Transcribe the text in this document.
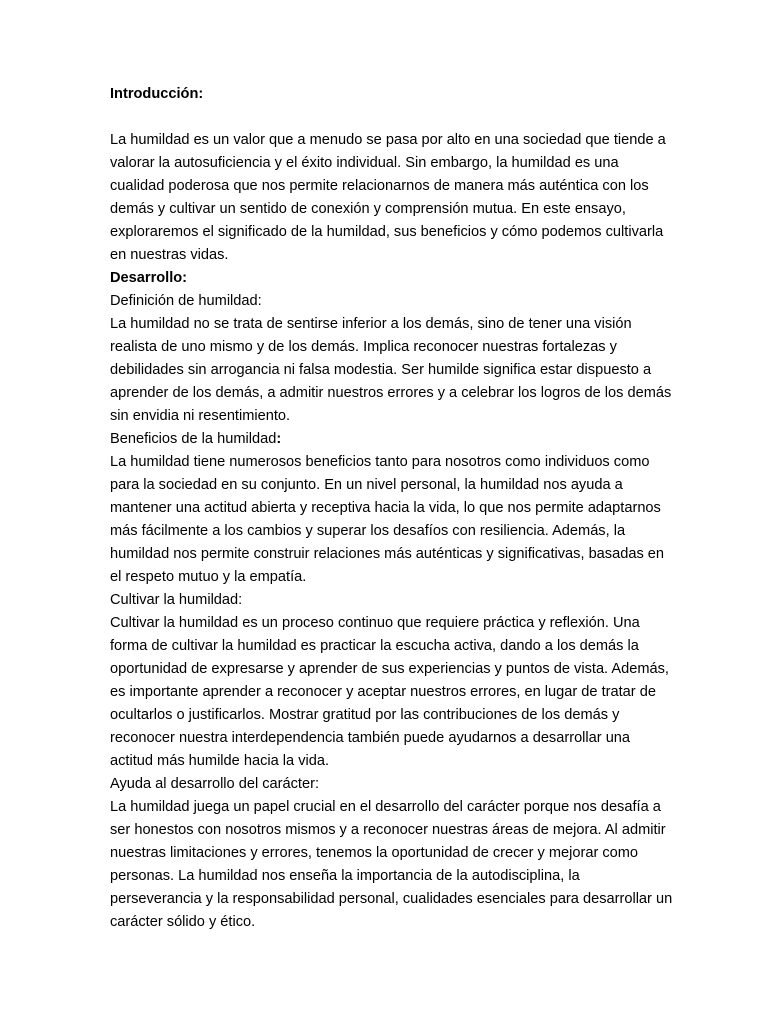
Introducción:
La humildad es un valor que a menudo se pasa por alto en una sociedad que tiende a
valorar la autosuficiencia y el éxito individual. Sin embargo, la humildad es una
cualidad poderosa que nos permite relacionarnos de manera más auténtica con los
demás y cultivar un sentido de conexión y comprensión mutua. En este ensayo,
exploraremos el significado de la humildad, sus beneficios y cómo podemos cultivarla
en nuestras vidas.
Desarrollo:
Definición de humildad:
La humildad no se trata de sentirse inferior a los demás, sino de tener una visión
realista de uno mismo y de los demás. Implica reconocer nuestras fortalezas y
debilidades sin arrogancia ni falsa modestia. Ser humilde significa estar dispuesto a
aprender de los demás, a admitir nuestros errores y a celebrar los logros de los demás
sin envidia ni resentimiento.
Beneficios de la humildad:
La humildad tiene numerosos beneficios tanto para nosotros como individuos como
para la sociedad en su conjunto. En un nivel personal, la humildad nos ayuda a
mantener una actitud abierta y receptiva hacia la vida, lo que nos permite adaptarnos
más fácilmente a los cambios y superar los desafíos con resiliencia. Además, la
humildad nos permite construir relaciones más auténticas y significativas, basadas en
el respeto mutuo y la empatía.
Cultivar la humildad:
Cultivar la humildad es un proceso continuo que requiere práctica y reflexión. Una
forma de cultivar la humildad es practicar la escucha activa, dando a los demás la
oportunidad de expresarse y aprender de sus experiencias y puntos de vista. Además,
es importante aprender a reconocer y aceptar nuestros errores, en lugar de tratar de
ocultarlos o justificarlos. Mostrar gratitud por las contribuciones de los demás y
reconocer nuestra interdependencia también puede ayudarnos a desarrollar una
actitud más humilde hacia la vida.
Ayuda al desarrollo del carácter:
La humildad juega un papel crucial en el desarrollo del carácter porque nos desafía a
ser honestos con nosotros mismos y a reconocer nuestras áreas de mejora. Al admitir
nuestras limitaciones y errores, tenemos la oportunidad de crecer y mejorar como
personas. La humildad nos enseña la importancia de la autodisciplina, la
perseverancia y la responsabilidad personal, cualidades esenciales para desarrollar un
carácter sólido y ético.
